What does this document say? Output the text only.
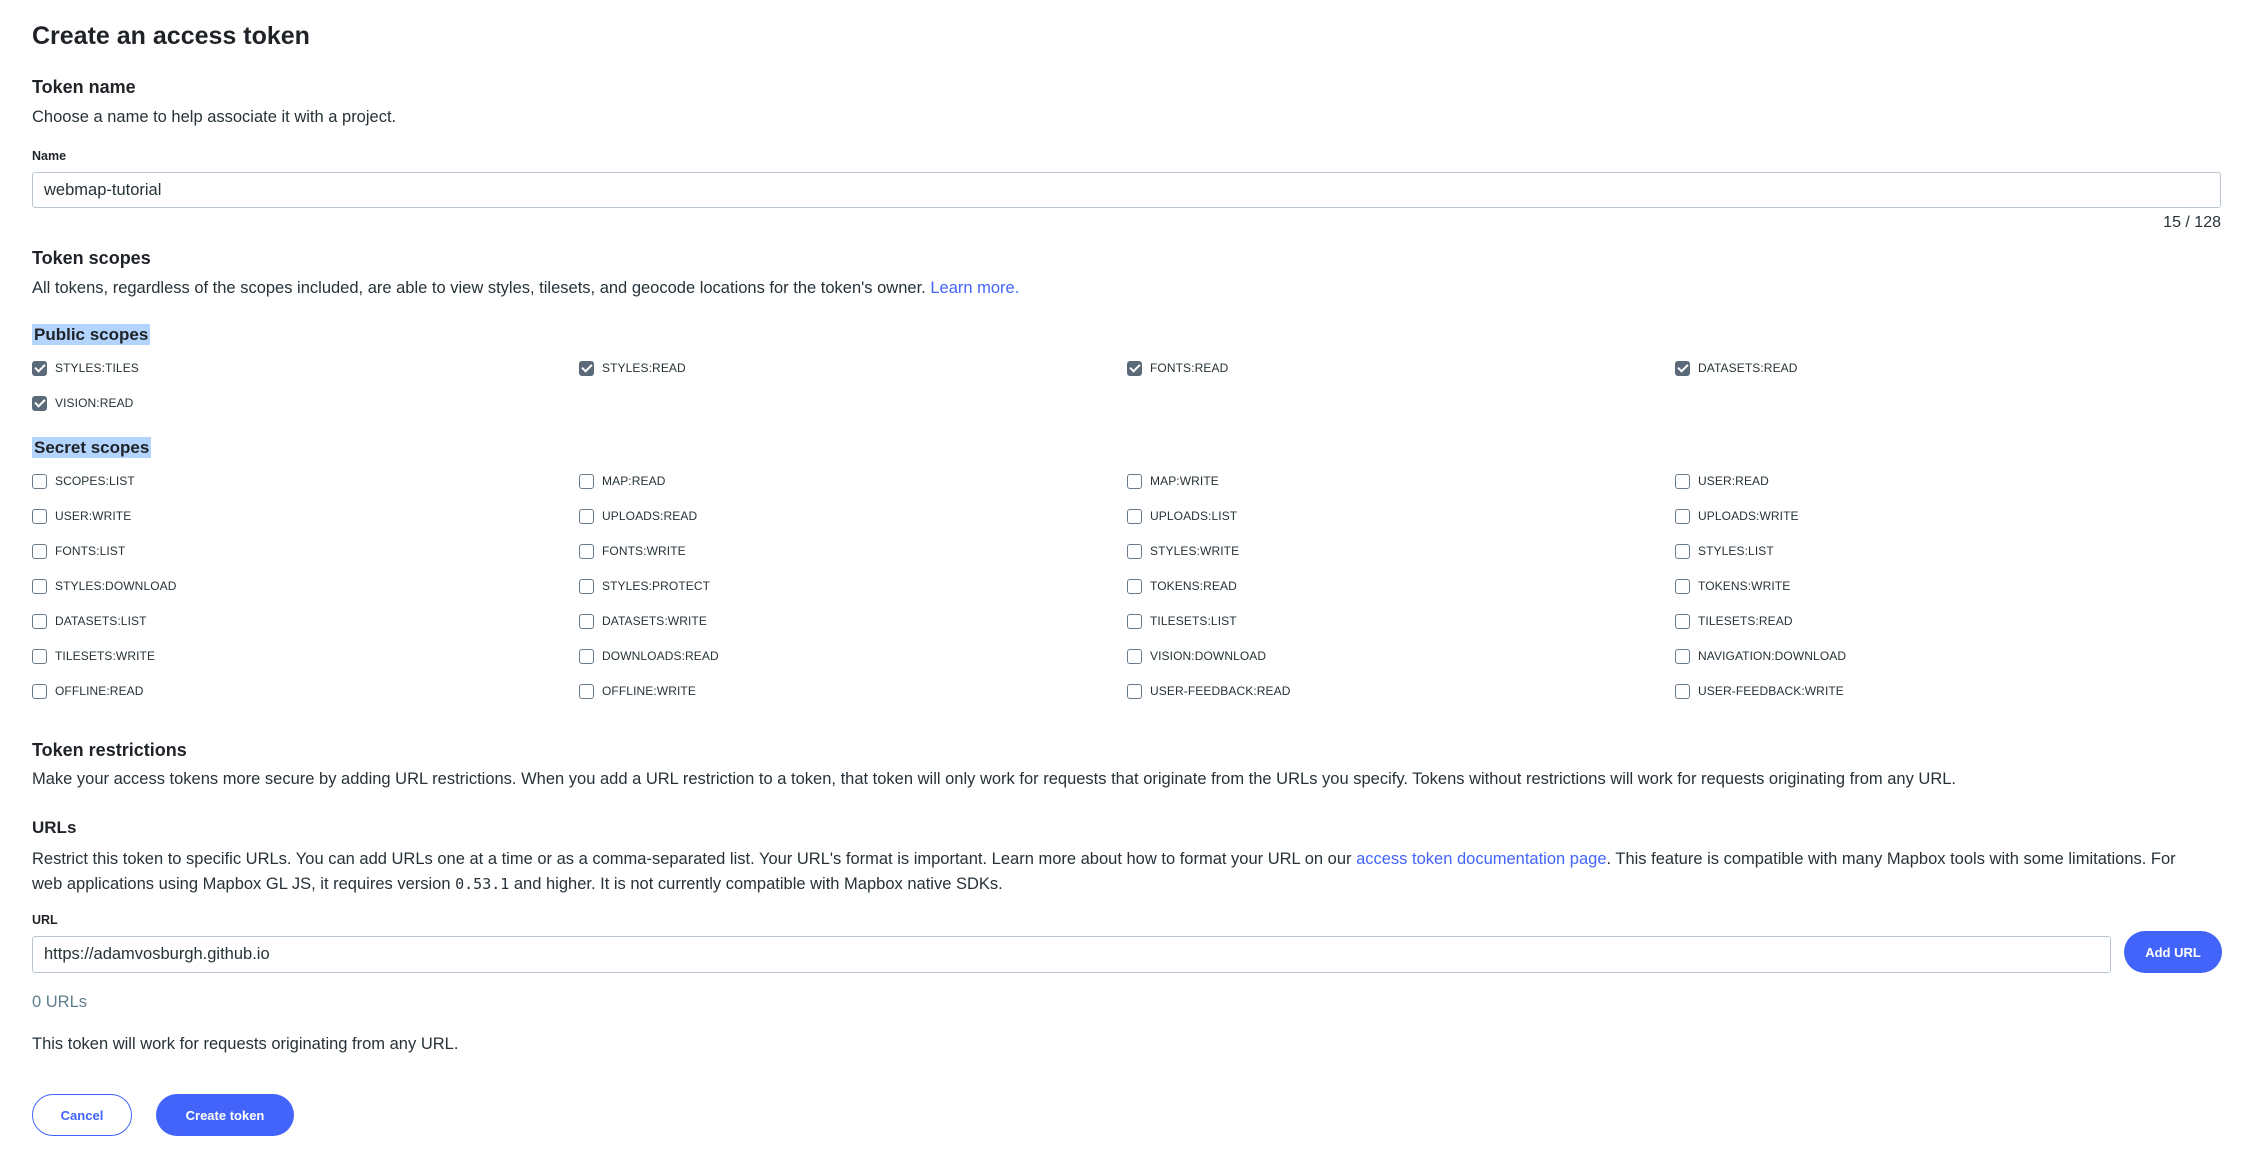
Create an access token
Token name
Choose a name to help associate it with a project.
Name
webmap-tutorial
15 / 128
Token scopes
All tokens, regardless of the scopes included, are able to view styles, tilesets, and geocode locations for the token's owner. Learn more.
Public scopes
STYLES:TILES	STYLES:READ	FONTS:READ	DATASETS:READ
VISION:READ
Secret scopes
SCOPES:LIST	MAP:READ	MAP:WRITE	USER:READ
USER:WRITE	UPLOADS:READ	UPLOADS:LIST	UPLOADS:WRITE
FONTS:LIST	FONTS:WRITE	STYLES:WRITE	STYLES:LIST
STYLES:DOWNLOAD	STYLES:PROTECT	TOKENS:READ	TOKENS:WRITE
DATASETS:LIST	DATASETS:WRITE	TILESETS:LIST	TILESETS:READ
TILESETS:WRITE	DOWNLOADS:READ	VISION:DOWNLOAD	NAVIGATION:DOWNLOAD
OFFLINE:READ	OFFLINE:WRITE	USER-FEEDBACK:READ	USER-FEEDBACK:WRITE
Token restrictions
Make your access tokens more secure by adding URL restrictions. When you add a URL restriction to a token, that token will only work for requests that originate from the URLs you specify. Tokens without restrictions will work for requests originating from any URL.
URLs
Restrict this token to specific URLs. You can add URLs one at a time or as a comma-separated list. Your URL's format is important. Learn more about how to format your URL on our access token documentation page. This feature is compatible with many Mapbox tools with some limitations. For
web applications using Mapbox GL JS, it requires version 0.53.1 and higher. It is not currently compatible with Mapbox native SDKs.
URL
https://adamvosburgh.github.io
Add URL
0 URLs
This token will work for requests originating from any URL.
Cancel	Create token
